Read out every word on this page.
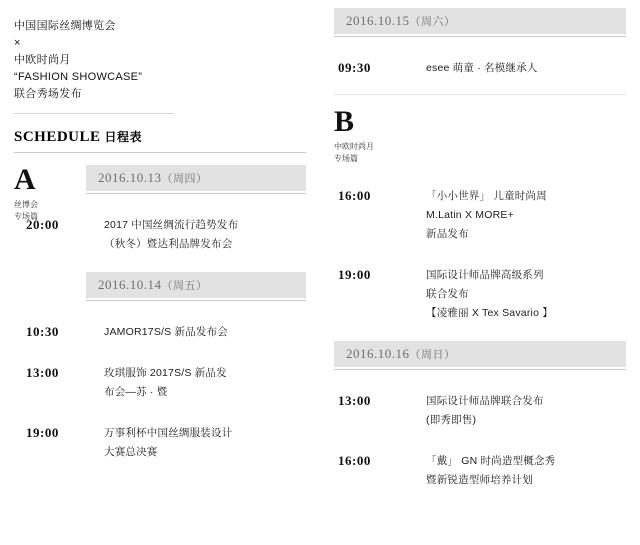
中国国际丝绸博览会
×
中欧时尚月
“FASHION SHOWCASE”
联合秀场发布
SCHEDULE 日程表
A
丝博会
专场篇
2016.10.13（周四）
20:00	2017 中国丝绸流行趋势发布
（秋冬）暨达利品牌发布会
2016.10.14（周五）
10:30	JAMOR17S/S 新品发布会
13:00	玫琪服饰 2017S/S 新品发
布会—苏 · 暨
19:00	万事利杯中国丝绸服装设计
大赛总决赛
2016.10.15（周六）
09:30	esee 萌童 · 名模继承人
B
中欧时尚月
专场篇
16:00	「小小世界」 儿童时尚周
M.Latin X MORE+
新品发布
19:00	国际设计师品牌高级系列
联合发布
【凌雅丽 X Tex Savario 】
2016.10.16（周日）
13:00	国际设计师品牌联合发布
(即秀即售)
16:00	「戴」 GN 时尚造型概念秀
暨新锐造型师培养计划
